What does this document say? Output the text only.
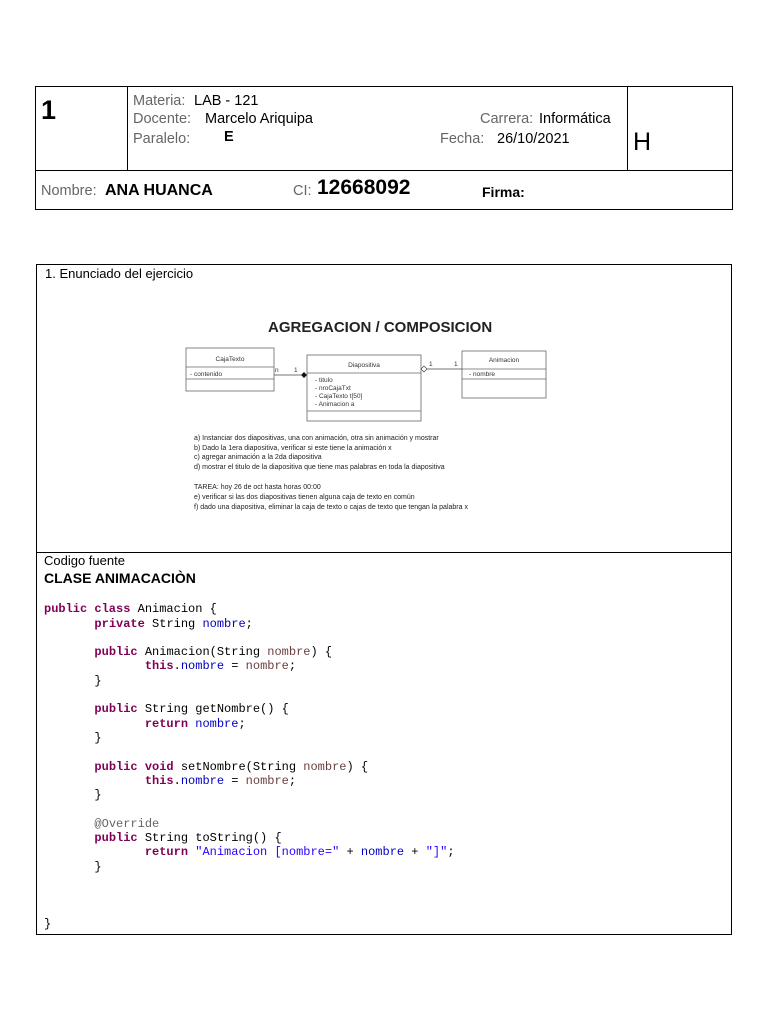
1	Materia: LAB - 121
Docente: Marcelo Ariquipa
Paralelo: E
Carrera: Informática
Fecha: 26/10/2021	H
Nombre: ANA HUANCA	CI: 12668092	Firma:
1. Enunciado del ejercicio
AGREGACION / COMPOSICION
CajaTexto
- contenido
Diapositiva
- titulo
- nroCajaTxt
- CajaTexto t[50]
- Animacion a
Animacion
- nombre
n 1
1	1
a) Instanciar dos diapositivas, una con animación, otra sin animación y mostrar
b) Dado la 1era diapositiva, verificar si este tiene la animación x
c) agregar animación a la 2da diapositiva
d) mostrar el titulo de la diapositiva que tiene mas palabras en toda la diapositiva
TAREA: hoy 26 de oct hasta horas 00:00
e) verificar si las dos diapositivas tienen alguna caja de texto en común
f) dado una diapositiva, eliminar la caja de texto o cajas de texto que tengan la palabra x
Codigo fuente
CLASE ANIMACACIÒN

public class Animacion {
private String nombre;

public Animacion(String nombre) {
this.nombre = nombre;
}

public String getNombre() {
return nombre;
}

public void setNombre(String nombre) {
this.nombre = nombre;
}

@Override
public String toString() {
return "Animacion [nombre=" + nombre + "]";
}

}
